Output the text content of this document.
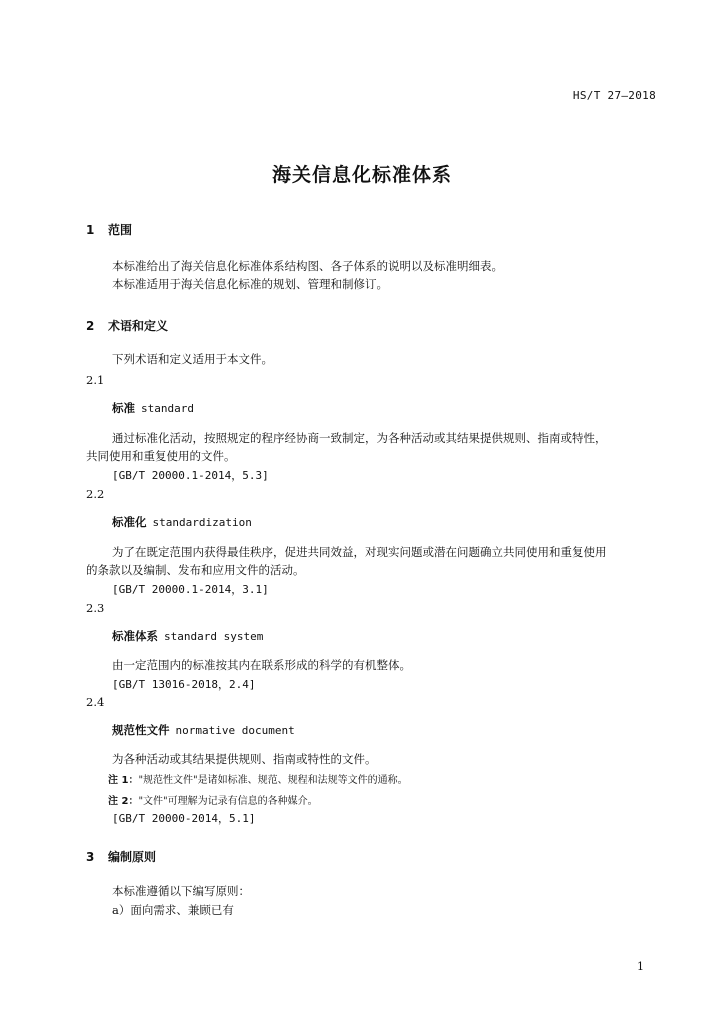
HS/T 27—2018
海关信息化标准体系
1 范围
本标准给出了海关信息化标准体系结构图、各子体系的说明以及标准明细表。
本标准适用于海关信息化标准的规划、管理和制修订。
2 术语和定义
下列术语和定义适用于本文件。
2.1
标准 standard
通过标准化活动，按照规定的程序经协商一致制定，为各种活动或其结果提供规则、指南或特性，
共同使用和重复使用的文件。
[GB/T 20000.1-2014，5.3]
2.2
标准化 standardization
为了在既定范围内获得最佳秩序，促进共同效益，对现实问题或潜在问题确立共同使用和重复使用
的条款以及编制、发布和应用文件的活动。
[GB/T 20000.1-2014，3.1]
2.3
标准体系 standard system
由一定范围内的标准按其内在联系形成的科学的有机整体。
[GB/T 13016-2018，2.4]
2.4
规范性文件 normative document
为各种活动或其结果提供规则、指南或特性的文件。
注 1："规范性文件"是诸如标准、规范、规程和法规等文件的通称。
注 2："文件"可理解为记录有信息的各种媒介。
[GB/T 20000-2014，5.1]
3 编制原则
本标准遵循以下编写原则：
a）面向需求、兼顾已有
1
